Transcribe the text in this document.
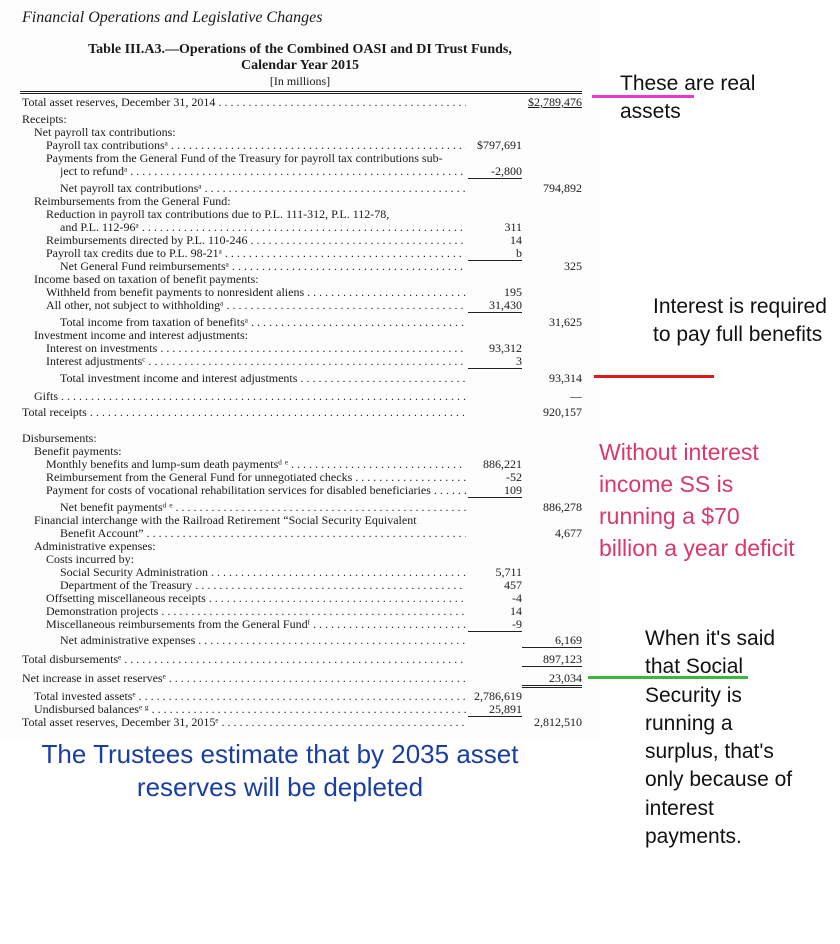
Financial Operations and Legislative Changes
Table III.A3.—Operations of the Combined OASI and DI Trust Funds,
Calendar Year 2015
[In millions]
Total asset reserves, December 31, 2014 . . .	$2,789,476
Receipts:
Net payroll tax contributions:
Payroll tax contributionsᵃ . . .	$797,691
Payments from the General Fund of the Treasury for payroll tax contributions sub-
ject to refundᵃ . . .	-2,800
Net payroll tax contributionsᵃ . . .	794,892
Reimbursements from the General Fund:
Reduction in payroll tax contributions due to P.L. 111-312, P.L. 112-78,
and P.L. 112-96ᵃ . . .	311
Reimbursements directed by P.L. 110-246 . . .	14
Payroll tax credits due to P.L. 98-21ᵃ . . .	b
Net General Fund reimbursementsᵃ . . .	325
Income based on taxation of benefit payments:
Withheld from benefit payments to nonresident aliens . . .	195
All other, not subject to withholdingᵃ . . .	31,430
Total income from taxation of benefitsᵃ . . .	31,625
Investment income and interest adjustments:
Interest on investments . . .	93,312
Interest adjustmentsᶜ . . .	3
Total investment income and interest adjustments . . .	93,314
Gifts . . .	—
Total receipts . . .	920,157
Disbursements:
Benefit payments:
Monthly benefits and lump-sum death paymentsᵈ ᵉ . . .	886,221
Reimbursement from the General Fund for unnegotiated checks . . .	-52
Payment for costs of vocational rehabilitation services for disabled beneficiaries . . .	109
Net benefit paymentsᵈ ᵉ . . .	886,278
Financial interchange with the Railroad Retirement “Social Security Equivalent
Benefit Account” . . .	4,677
Administrative expenses:
Costs incurred by:
Social Security Administration . . .	5,711
Department of the Treasury . . .	457
Offsetting miscellaneous receipts . . .	-4
Demonstration projects . . .	14
Miscellaneous reimbursements from the General Fundᶠ . . .	-9
Net administrative expenses . . .	6,169
Total disbursementsᵉ . . .	897,123
Net increase in asset reservesᵉ . . .	23,034
Total invested assetsᵉ . . .	2,786,619
Undisbursed balancesᵉ ᵍ . . .	25,891
Total asset reserves, December 31, 2015ᵉ . . .	2,812,510
These are real assets
Interest is required to pay full benefits
Without interest income SS is running a $70 billion a year deficit
When it's said that Social Security is running a surplus, that's only because of interest payments.
The Trustees estimate that by 2035 asset reserves will be depleted
